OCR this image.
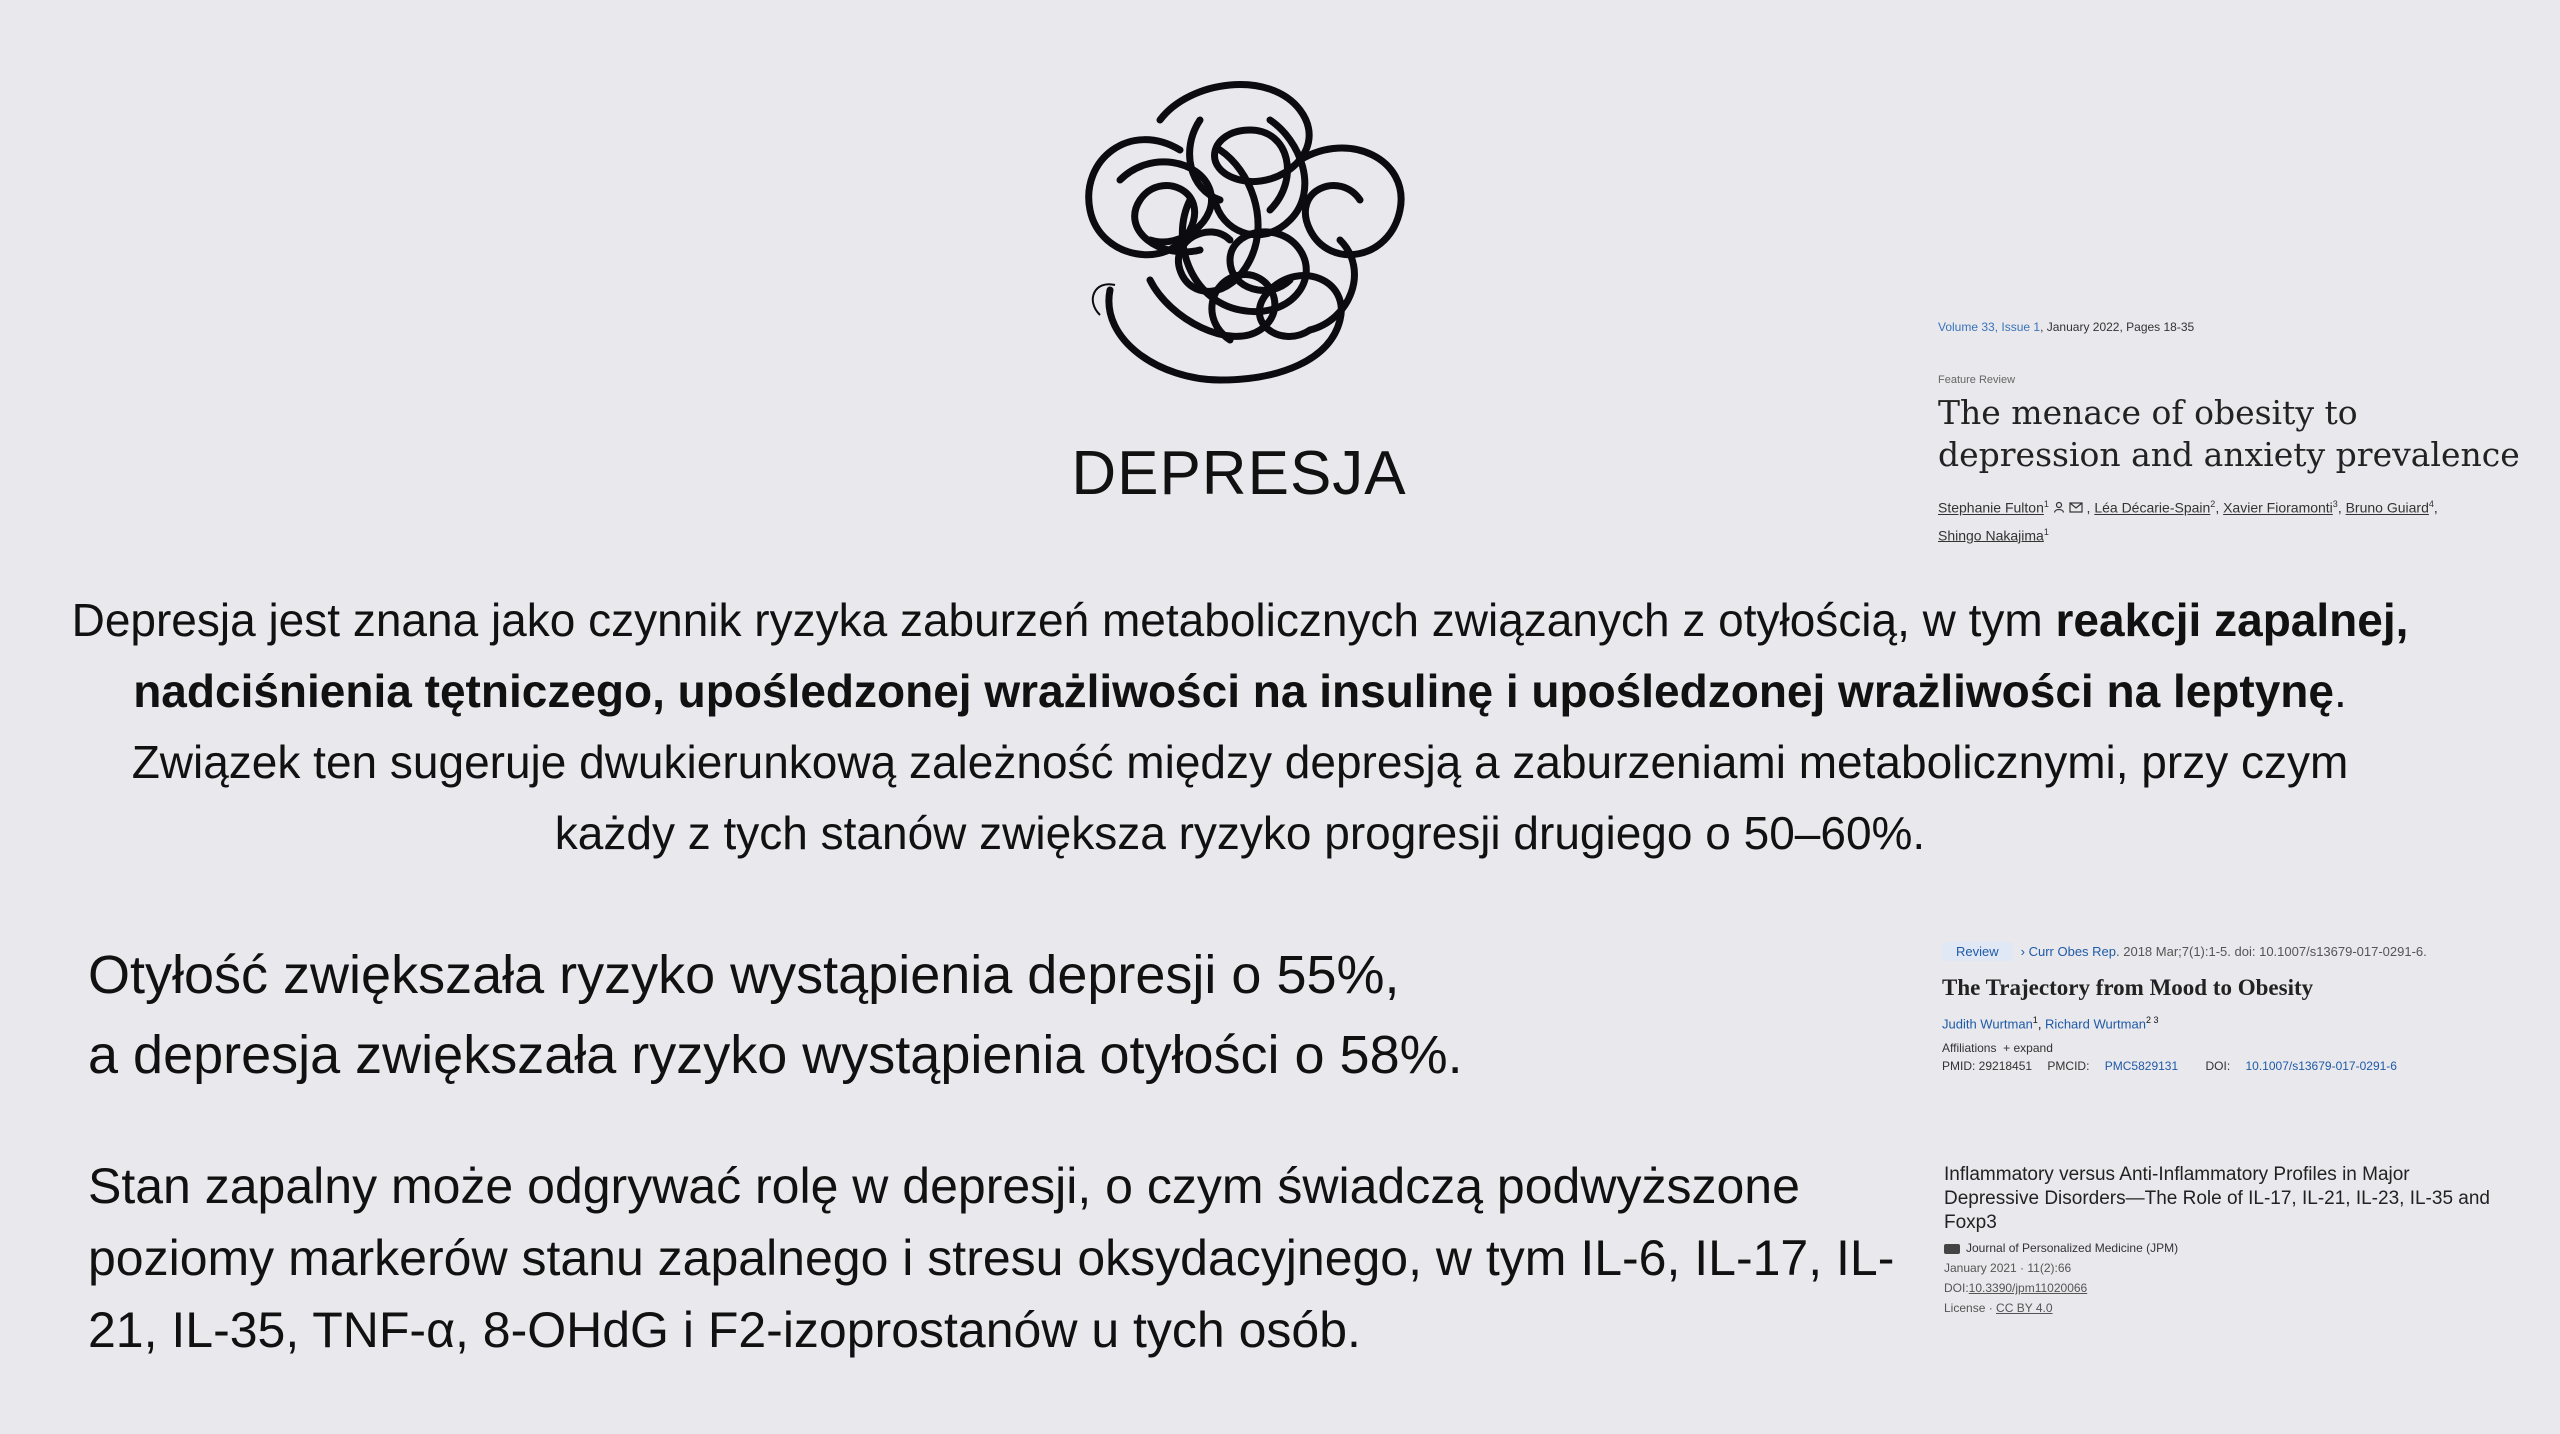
DEPRESJA
Depresja jest znana jako czynnik ryzyka zaburzeń metabolicznych związanych z otyłością, w tym reakcji zapalnej, nadciśnienia tętniczego, upośledzonej wrażliwości na insulinę i upośledzonej wrażliwości na leptynę. Związek ten sugeruje dwukierunkową zależność między depresją a zaburzeniami metabolicznymi, przy czym każdy z tych stanów zwiększa ryzyko progresji drugiego o 50–60%.
Otyłość zwiększała ryzyko wystąpienia depresji o 55%,
a depresja zwiększała ryzyko wystąpienia otyłości o 58%.
Stan zapalny może odgrywać rolę w depresji, o czym świadczą podwyższone poziomy markerów stanu zapalnego i stresu oksydacyjnego, w tym IL-6, IL-17, IL-21, IL-35, TNF-α, 8-OHdG i F2-izoprostanów u tych osób.
Volume 33, Issue 1, January 2022, Pages 18-35
Feature Review
The menace of obesity to depression and anxiety prevalence
Stephanie Fulton$^1$	, Léa Décarie-Spain$^2$, Xavier Fioramonti$^3$, Bruno Guiard$^4$,
Shingo Nakajima$^1$
Review › Curr Obes Rep. 2018 Mar;7(1):1-5. doi: 10.1007/s13679-017-0291-6.
The Trajectory from Mood to Obesity
Judith Wurtman$^1$, Richard Wurtman$^{2 3}$
Affiliations + expand
PMID: 29218451 PMCID: PMC5829131 DOI: 10.1007/s13679-017-0291-6
Inflammatory versus Anti-Inflammatory Profiles in Major Depressive Disorders—The Role of IL-17, IL-21, IL-23, IL-35 and Foxp3
Journal of Personalized Medicine (JPM)
January 2021 · 11(2):66
DOI:10.3390/jpm11020066
License · CC BY 4.0
